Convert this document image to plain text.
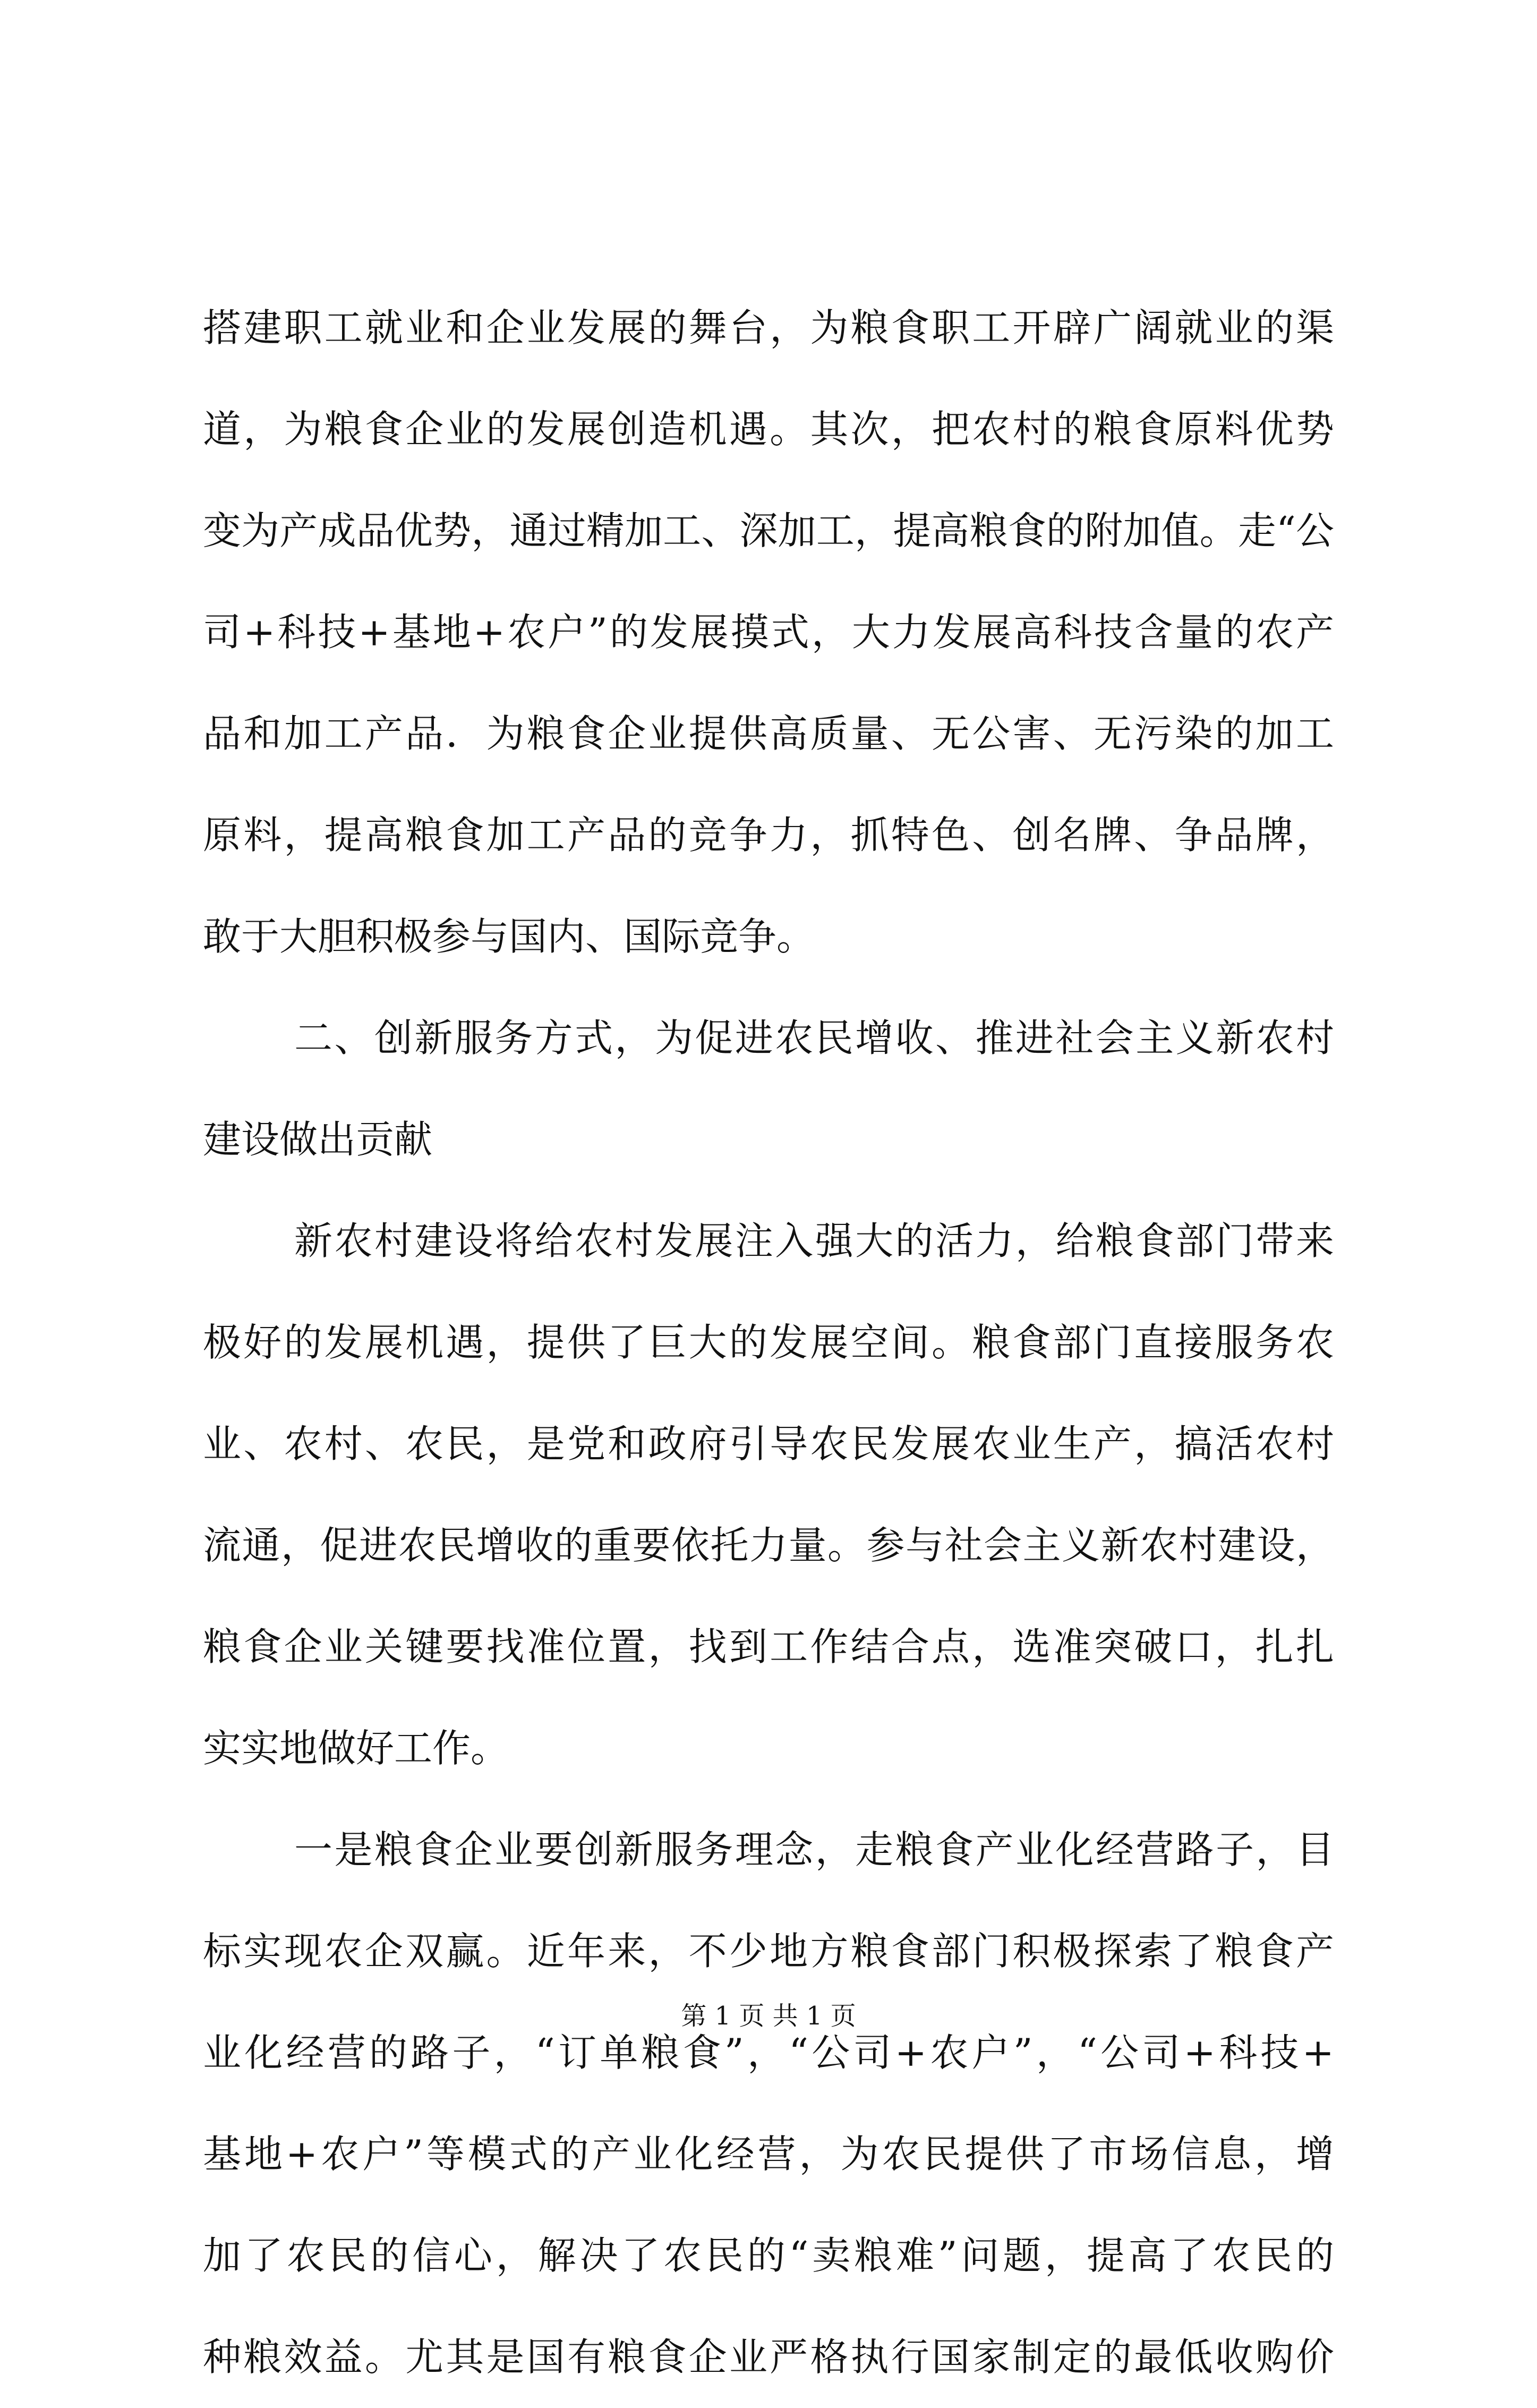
搭建职工就业和企业发展的舞台，为粮食职工开辟广阔就业的渠
道，为粮食企业的发展创造机遇。其次，把农村的粮食原料优势
变为产成品优势，通过精加工、深加工，提高粮食的附加值。走“公
司+科技+基地+农户”的发展摸式，大力发展高科技含量的农产
品和加工产品．为粮食企业提供高质量、无公害、无污染的加工
原料，提高粮食加工产品的竞争力，抓特色、创名牌、争品牌，
敢于大胆积极参与国内、国际竞争。
二、创新服务方式，为促进农民增收、推进社会主义新农村
建设做出贡献
新农村建设将给农村发展注入强大的活力，给粮食部门带来
极好的发展机遇，提供了巨大的发展空间。粮食部门直接服务农
业、农村、农民，是党和政府引导农民发展农业生产，搞活农村
流通，促进农民增收的重要依托力量。参与社会主义新农村建设，
粮食企业关键要找准位置，找到工作结合点，选准突破口，扎扎
实实地做好工作。
一是粮食企业要创新服务理念，走粮食产业化经营路子，目
标实现农企双赢。近年来，不少地方粮食部门积极探索了粮食产
业化经营的路子，“订单粮食”，“公司+农户”，“公司+科技+
基地+农户”等模式的产业化经营，为农民提供了市场信息，增
加了农民的信心，解决了农民的“卖粮难”问题，提高了农民的
种粮效益。尤其是国有粮食企业严格执行国家制定的最低收购价
第 1 页 共 1 页
